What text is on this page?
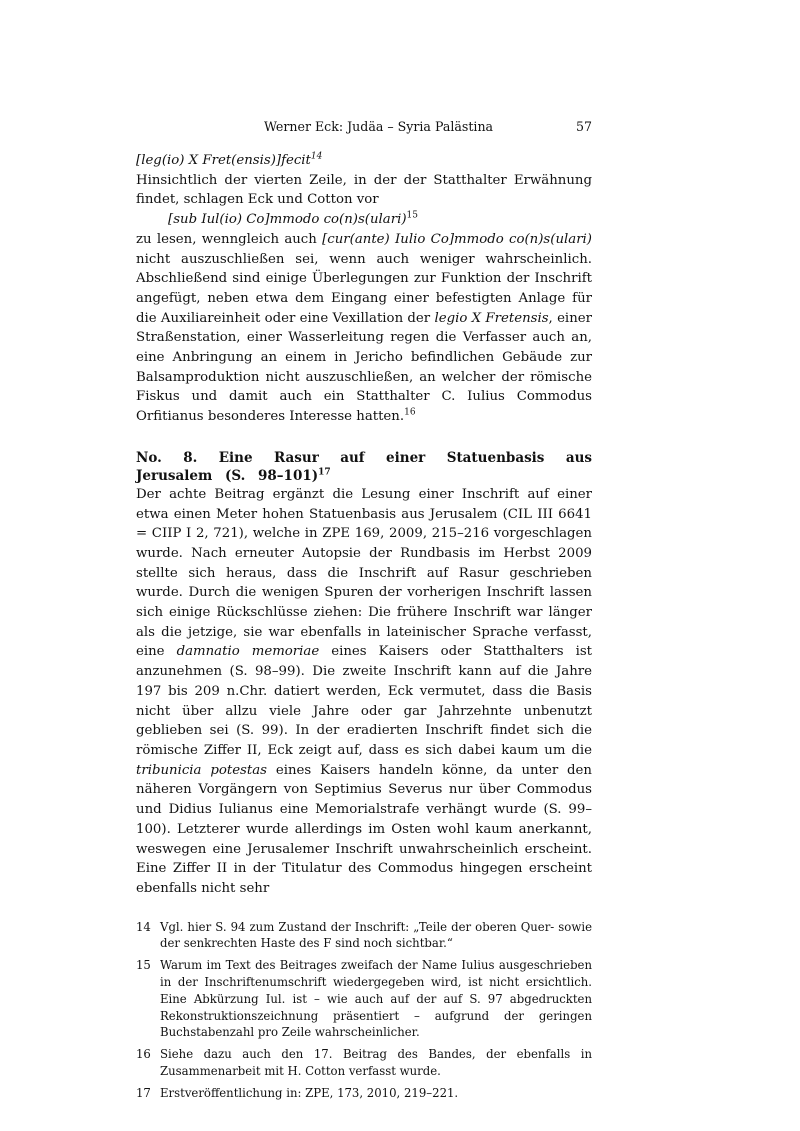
Werner Eck: Judäa – Syria Palästina	57

[leg(io) X Fret(ensis)]fecit$^{14}$

Hinsichtlich der vierten Zeile, in der der Statthalter Erwähnung findet, schlagen Eck und Cotton vor

[sub Iul(io) Co]mmodo co(n)s(ulari)$^{15}$

zu lesen, wenngleich auch [cur(ante) Iulio Co]mmodo co(n)s(ulari) nicht auszuschließen sei, wenn auch weniger wahrscheinlich. Abschließend sind einige Überlegungen zur Funktion der Inschrift angefügt, neben etwa dem Eingang einer befestigten Anlage für die Auxiliareinheit oder eine Vexillation der legio X Fretensis, einer Straßenstation, einer Wasserleitung regen die Verfasser auch an, eine Anbringung an einem in Jericho befindlichen Gebäude zur Balsamproduktion nicht auszuschließen, an welcher der römische Fiskus und damit auch ein Statthalter C. Iulius Commodus Orfitianus besonderes Interesse hatten.$^{16}$

No. 8. Eine Rasur auf einer Statuenbasis aus Jerusalem (S. 98–101)$^{17}$

Der achte Beitrag ergänzt die Lesung einer Inschrift auf einer etwa einen Meter hohen Statuenbasis aus Jerusalem (CIL III 6641 = CIIP I 2, 721), welche in ZPE 169, 2009, 215–216 vorgeschlagen wurde. Nach erneuter Autopsie der Rundbasis im Herbst 2009 stellte sich heraus, dass die Inschrift auf Rasur geschrieben wurde. Durch die wenigen Spuren der vorherigen Inschrift lassen sich einige Rückschlüsse ziehen: Die frühere Inschrift war länger als die jetzige, sie war ebenfalls in lateinischer Sprache verfasst, eine damnatio memoriae eines Kaisers oder Statthalters ist anzunehmen (S. 98–99). Die zweite Inschrift kann auf die Jahre 197 bis 209 n.Chr. datiert werden, Eck vermutet, dass die Basis nicht über allzu viele Jahre oder gar Jahrzehnte unbenutzt geblieben sei (S. 99). In der eradierten Inschrift findet sich die römische Ziffer II, Eck zeigt auf, dass es sich dabei kaum um die tribunicia potestas eines Kaisers handeln könne, da unter den näheren Vorgängern von Septimius Severus nur über Commodus und Didius Iulianus eine Memorialstrafe verhängt wurde (S. 99–100). Letzterer wurde allerdings im Osten wohl kaum anerkannt, weswegen eine Jerusalemer Inschrift unwahrscheinlich erscheint. Eine Ziffer II in der Titulatur des Commodus hingegen erscheint ebenfalls nicht sehr

14 Vgl. hier S. 94 zum Zustand der Inschrift: „Teile der oberen Quer- sowie der senkrechten Haste des F sind noch sichtbar.“
15 Warum im Text des Beitrages zweifach der Name Iulius ausgeschrieben in der Inschriftenumschrift wiedergegeben wird, ist nicht ersichtlich. Eine Abkürzung Iul. ist – wie auch auf der auf S. 97 abgedruckten Rekonstruktionszeichnung präsentiert – aufgrund der geringen Buchstabenzahl pro Zeile wahrscheinlicher.
16 Siehe dazu auch den 17. Beitrag des Bandes, der ebenfalls in Zusammenarbeit mit H. Cotton verfasst wurde.
17 Erstveröffentlichung in: ZPE, 173, 2010, 219–221.
